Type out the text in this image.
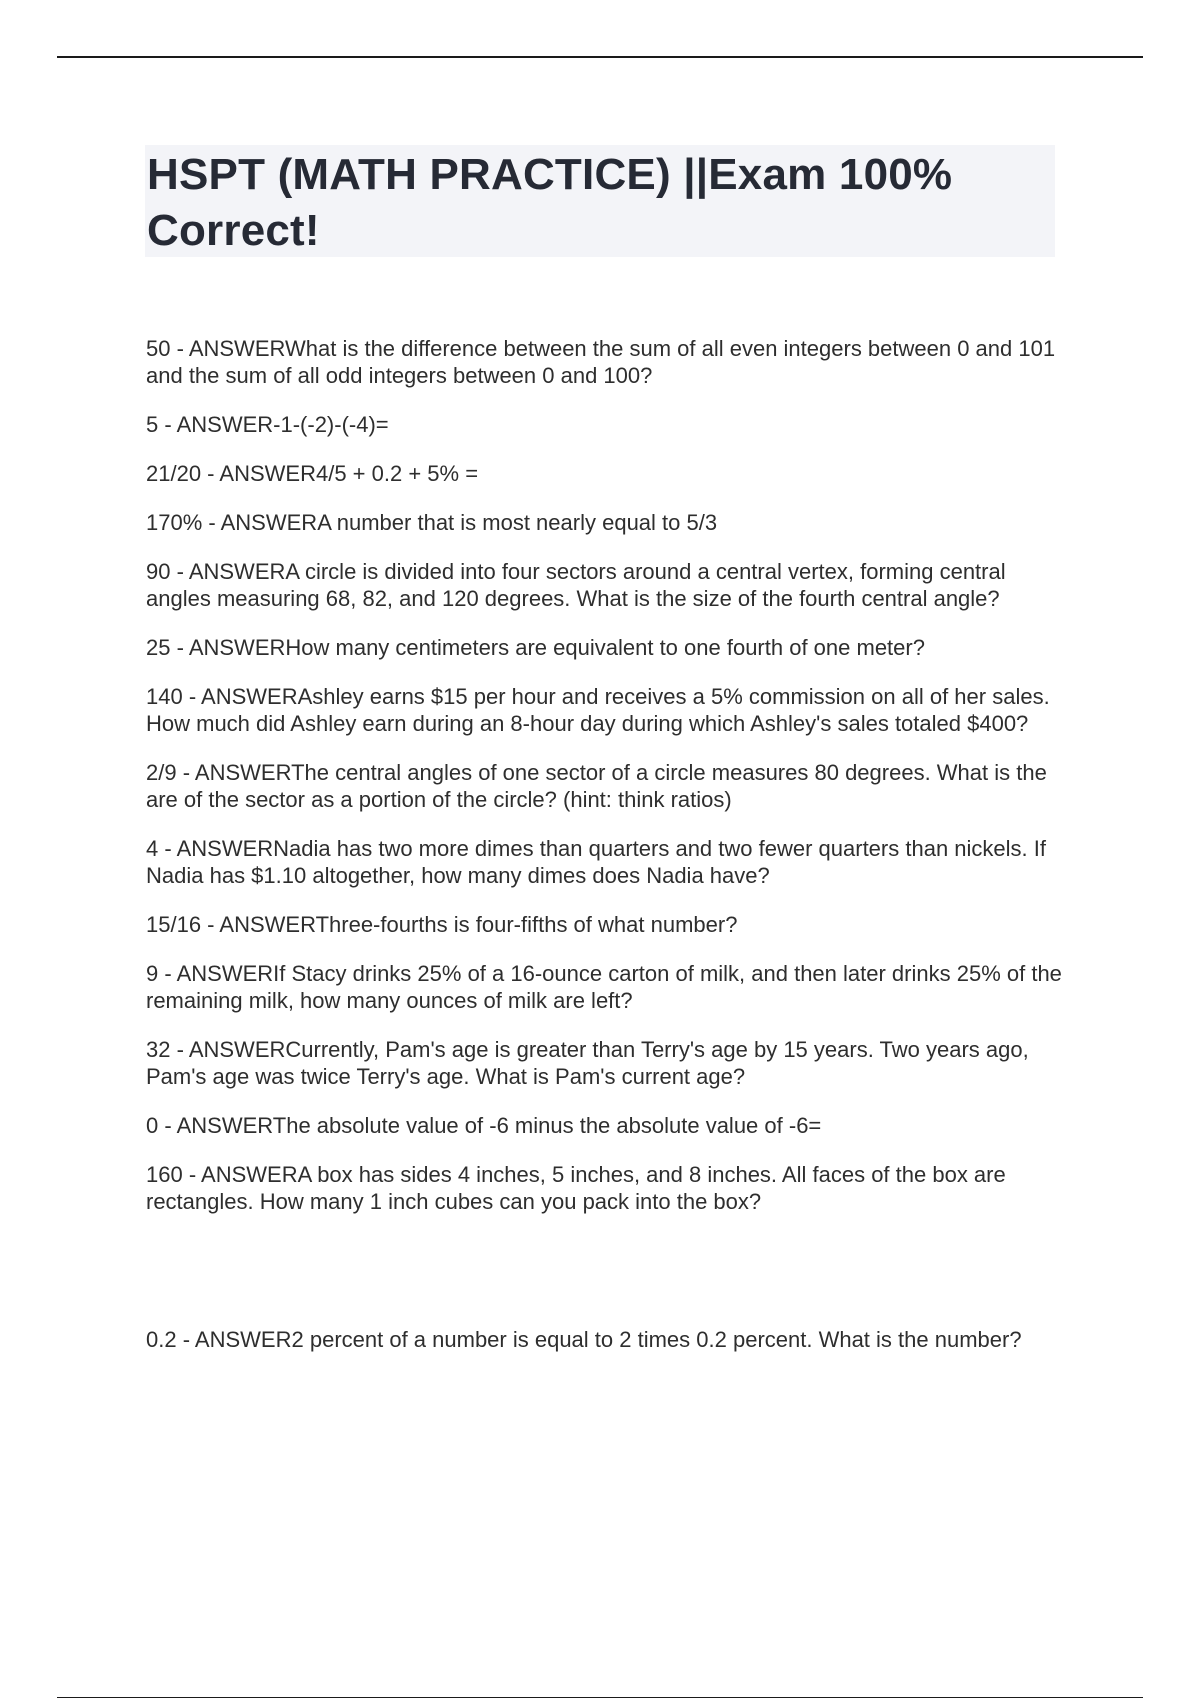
HSPT (MATH PRACTICE) ||Exam 100% Correct!
50 - ANSWERWhat is the difference between the sum of all even integers between 0 and 101 and the sum of all odd integers between 0 and 100?
5 - ANSWER-1-(-2)-(-4)=
21/20 - ANSWER4/5 + 0.2 + 5% =
170% - ANSWERA number that is most nearly equal to 5/3
90 - ANSWERA circle is divided into four sectors around a central vertex, forming central angles measuring 68, 82, and 120 degrees. What is the size of the fourth central angle?
25 - ANSWERHow many centimeters are equivalent to one fourth of one meter?
140 - ANSWERAshley earns $15 per hour and receives a 5% commission on all of her sales. How much did Ashley earn during an 8-hour day during which Ashley's sales totaled $400?
2/9 - ANSWERThe central angles of one sector of a circle measures 80 degrees. What is the are of the sector as a portion of the circle? (hint: think ratios)
4 - ANSWERNadia has two more dimes than quarters and two fewer quarters than nickels. If Nadia has $1.10 altogether, how many dimes does Nadia have?
15/16 - ANSWERThree-fourths is four-fifths of what number?
9 - ANSWERIf Stacy drinks 25% of a 16-ounce carton of milk, and then later drinks 25% of the remaining milk, how many ounces of milk are left?
32 - ANSWERCurrently, Pam's age is greater than Terry's age by 15 years. Two years ago, Pam's age was twice Terry's age. What is Pam's current age?
0 - ANSWERThe absolute value of -6 minus the absolute value of -6=
160 - ANSWERA box has sides 4 inches, 5 inches, and 8 inches. All faces of the box are rectangles. How many 1 inch cubes can you pack into the box?
0.2 - ANSWER2 percent of a number is equal to 2 times 0.2 percent. What is the number?
